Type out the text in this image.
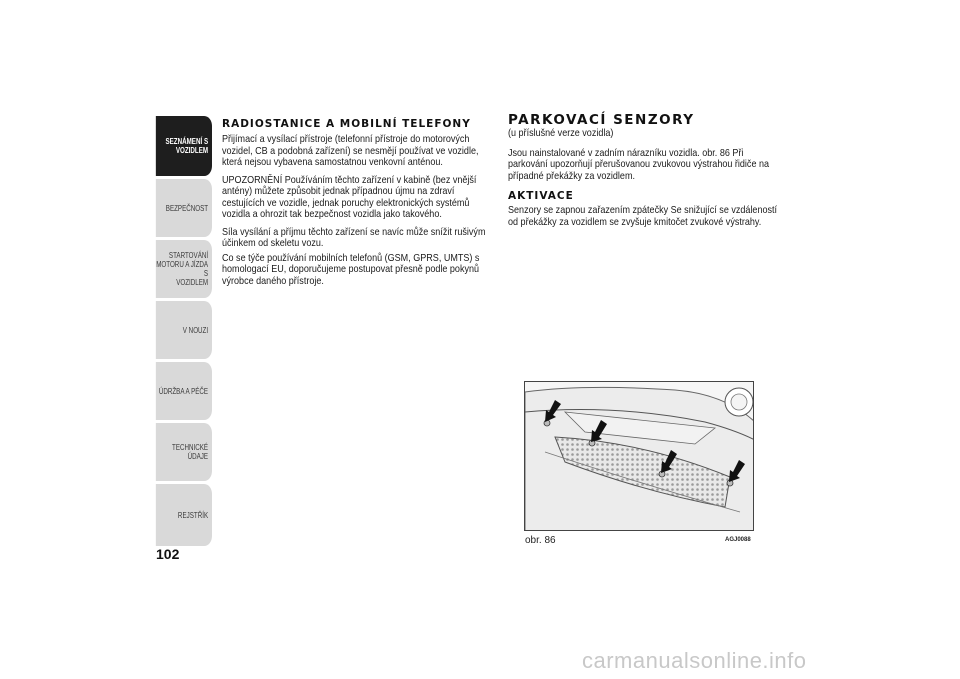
SEZNÁMENÍ S
VOZIDLEM
BEZPEČNOST
STARTOVÁNÍ
MOTORU A JÍZDA S
VOZIDLEM
V NOUZI
ÚDRŽBA A PÉČE
TECHNICKÉ ÚDAJE
REJSTŘÍK
102
RADIOSTANICE A MOBILNÍ TELEFONY
Přijímací a vysílací přístroje (telefonní přístroje do motorových vozidel, CB a podobná zařízení) se nesmějí používat ve vozidle, která nejsou vybavena samostatnou venkovní anténou.
UPOZORNĚNÍ Používáním těchto zařízení v kabině (bez vnější antény) můžete způsobit jednak případnou újmu na zdraví cestujících ve vozidle, jednak poruchy elektronických systémů vozidla a ohrozit tak bezpečnost vozidla jako takového.
Síla vysílání a příjmu těchto zařízení se navíc může snížit rušivým účinkem od skeletu vozu.
Co se týče používání mobilních telefonů (GSM, GPRS, UMTS) s homologací EU, doporučujeme postupovat přesně podle pokynů výrobce daného přístroje.
PARKOVACÍ SENZORY
(u příslušné verze vozidla)
Jsou nainstalované v zadním nárazníku vozidla. obr. 86 Při parkování upozorňují přerušovanou zvukovou výstrahou řidiče na případné překážky za vozidlem.
AKTIVACE
Senzory se zapnou zařazením zpátečky Se snižující se vzdáleností od překážky za vozidlem se zvyšuje kmitočet zvukové výstrahy.
obr. 86	AGJ0088
carmanualsonline.info
